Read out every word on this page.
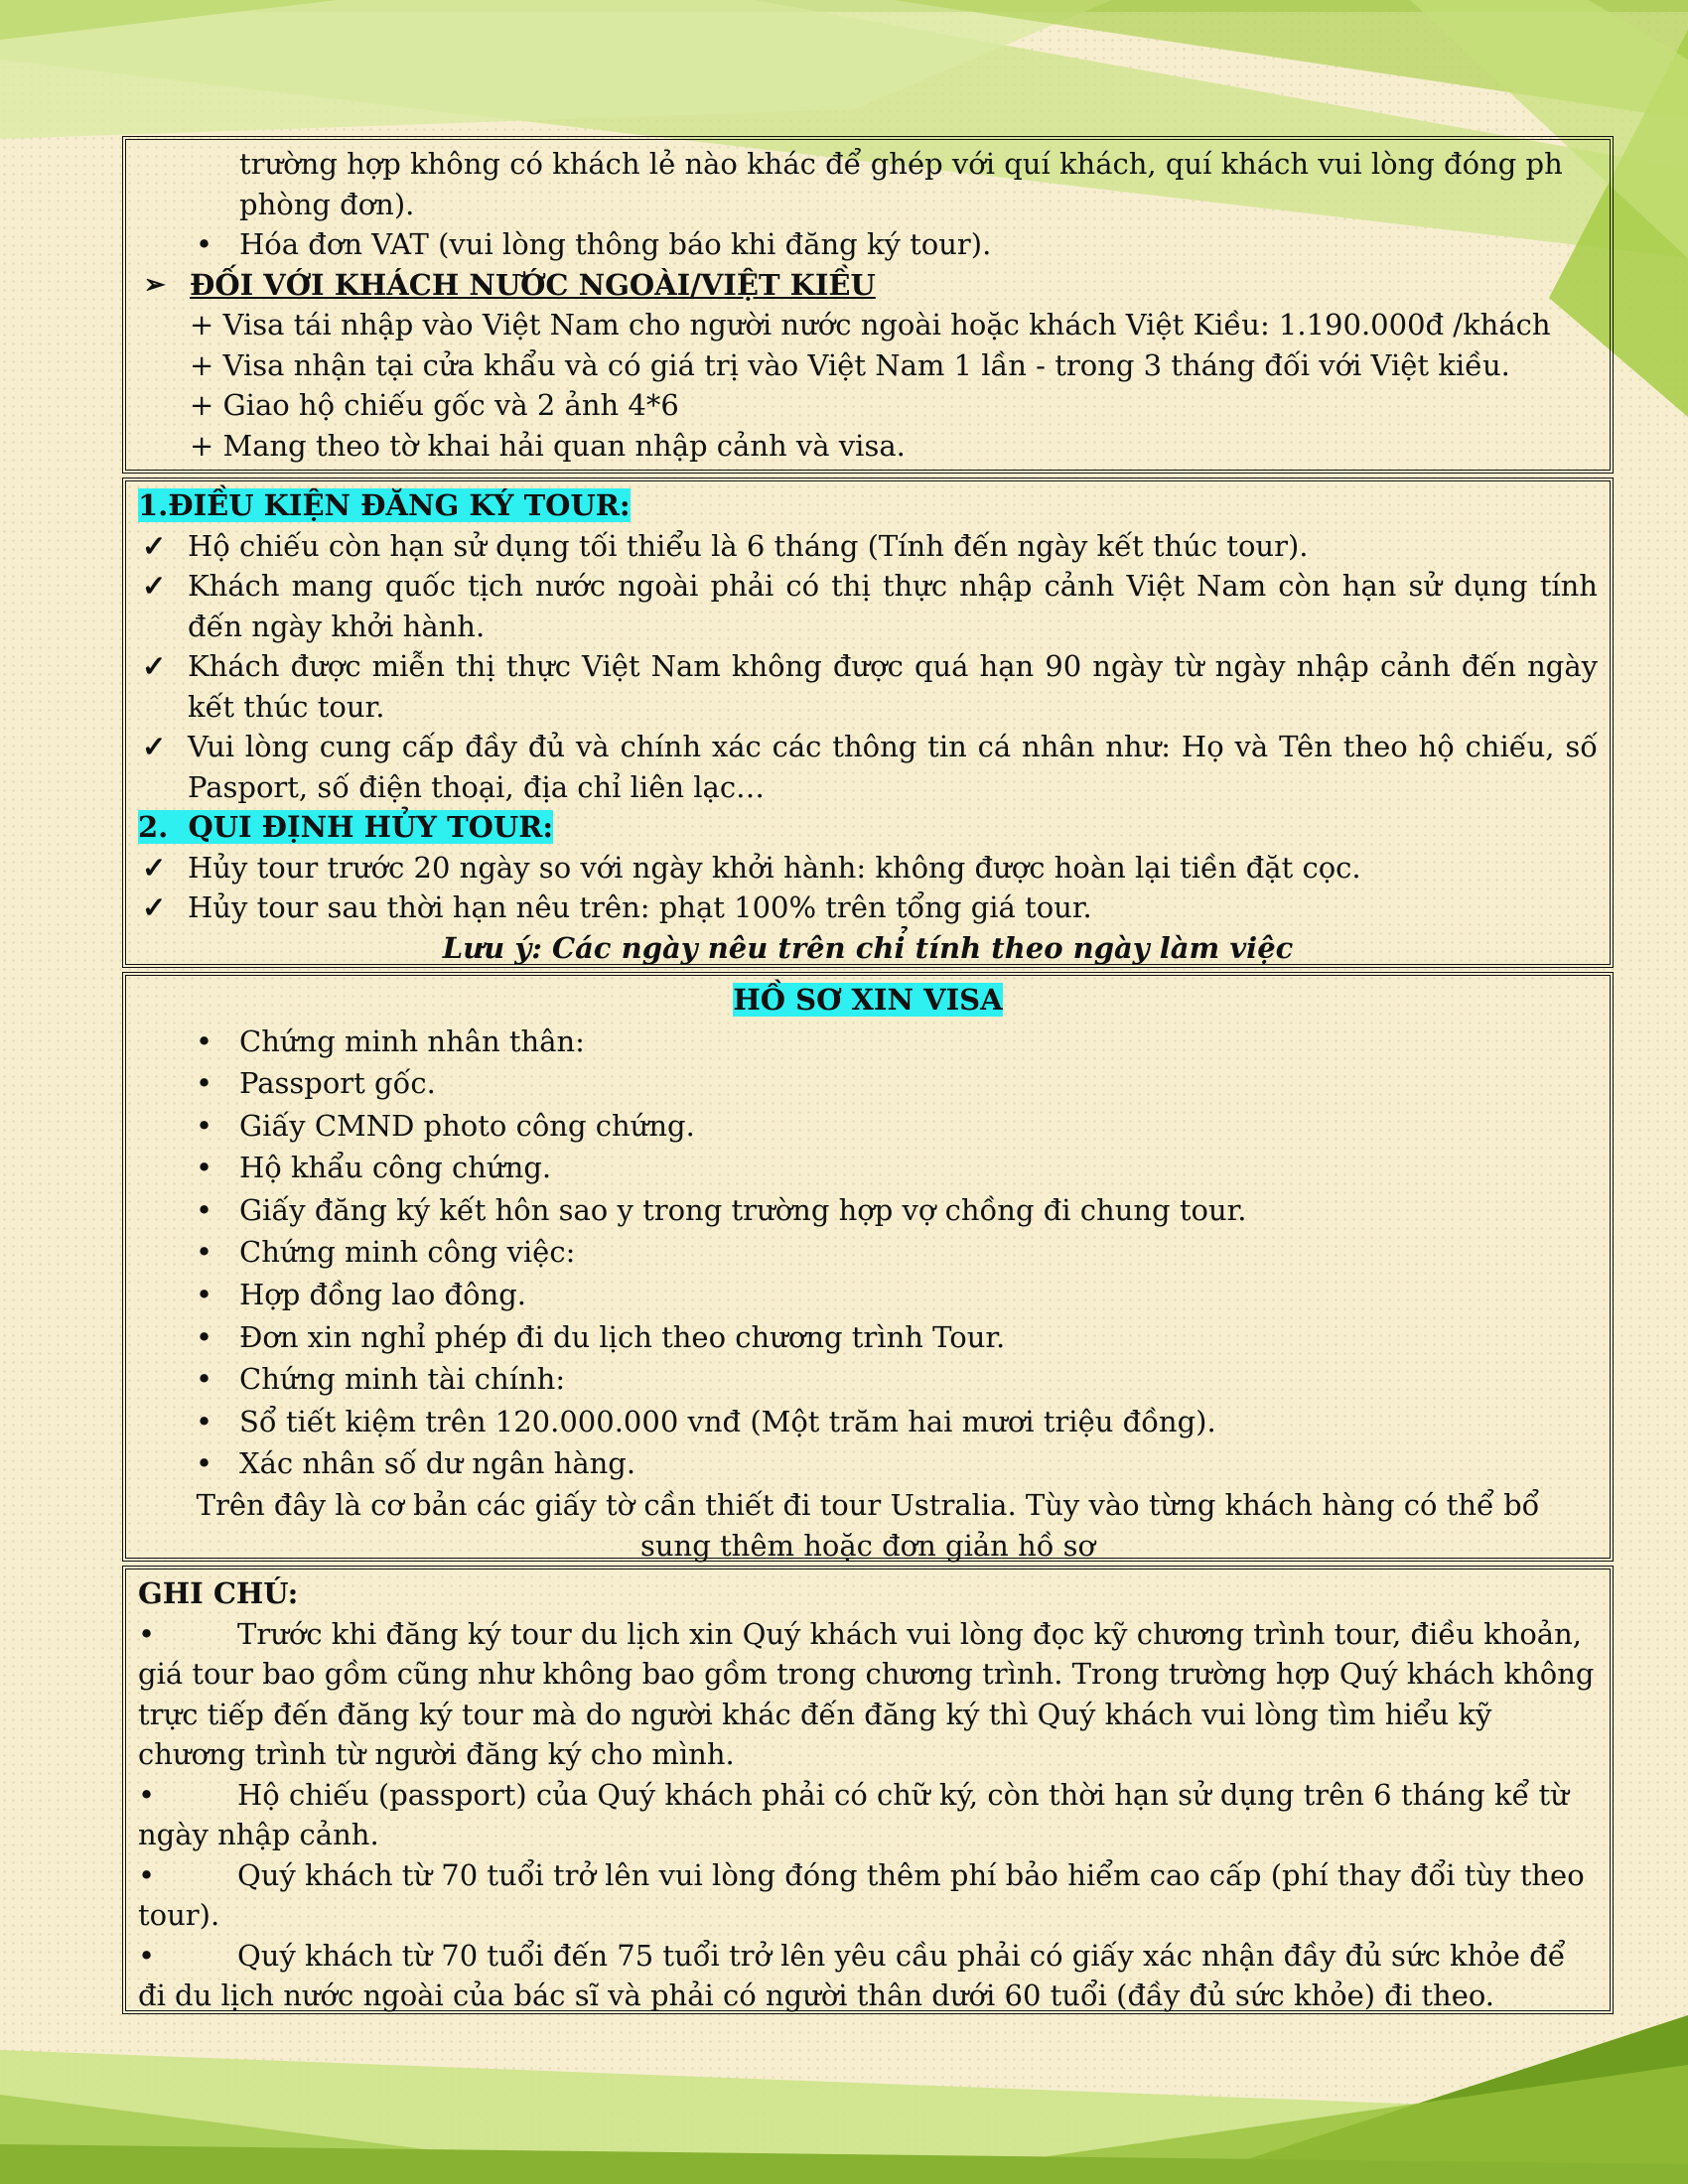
trường hợp không có khách lẻ nào khác để ghép với quí khách, quí khách vui lòng đóng ph

phòng đơn).

• Hóa đơn VAT (vui lòng thông báo khi đăng ký tour).

➢ ĐỐI VỚI KHÁCH NƯỚC NGOÀI/VIỆT KIỀU

+ Visa tái nhập vào Việt Nam cho người nước ngoài hoặc khách Việt Kiều: 1.190.000đ /khách

+ Visa nhận tại cửa khẩu và có giá trị vào Việt Nam 1 lần - trong 3 tháng đối với Việt kiều.

+ Giao hộ chiếu gốc và 2 ảnh 4*6

+ Mang theo tờ khai hải quan nhập cảnh và visa.

1.ĐIỀU KIỆN ĐĂNG KÝ TOUR:

✓ Hộ chiếu còn hạn sử dụng tối thiểu là 6 tháng (Tính đến ngày kết thúc tour).

✓ Khách mang quốc tịch nước ngoài phải có thị thực nhập cảnh Việt Nam còn hạn sử dụng tính đến ngày khởi hành.

✓ Khách được miễn thị thực Việt Nam không được quá hạn 90 ngày từ ngày nhập cảnh đến ngày kết thúc tour.

✓ Vui lòng cung cấp đầy đủ và chính xác các thông tin cá nhân như: Họ và Tên theo hộ chiếu, số Pasport, số điện thoại, địa chỉ liên lạc…

2.  QUI ĐỊNH HỦY TOUR:

✓ Hủy tour trước 20 ngày so với ngày khởi hành: không được hoàn lại tiền đặt cọc.

✓ Hủy tour sau thời hạn nêu trên: phạt 100% trên tổng giá tour.

Lưu ý: Các ngày nêu trên chỉ tính theo ngày làm việc

HỒ SƠ XIN VISA

• Chứng minh nhân thân:

• Passport gốc.

• Giấy CMND photo công chứng.

• Hộ khẩu công chứng.

• Giấy đăng ký kết hôn sao y trong trường hợp vợ chồng đi chung tour.

• Chứng minh công việc:

• Hợp đồng lao đông.

• Đơn xin nghỉ phép đi du lịch theo chương trình Tour.

• Chứng minh tài chính:

• Sổ tiết kiệm trên 120.000.000 vnđ (Một trăm hai mươi triệu đồng).

• Xác nhân số dư ngân hàng.

Trên đây là cơ bản các giấy tờ cần thiết đi tour Ustralia. Tùy vào từng khách hàng có thể bổ

sung thêm hoặc đơn giản hồ sơ

GHI CHÚ:

•	Trước khi đăng ký tour du lịch xin Quý khách vui lòng đọc kỹ chương trình tour, điều khoản, giá tour bao gồm cũng như không bao gồm trong chương trình. Trong trường hợp Quý khách không trực tiếp đến đăng ký tour mà do người khác đến đăng ký thì Quý khách vui lòng tìm hiểu kỹ chương trình từ người đăng ký cho mình.

•	Hộ chiếu (passport) của Quý khách phải có chữ ký, còn thời hạn sử dụng trên 6 tháng kể từ ngày nhập cảnh.

•	Quý khách từ 70 tuổi trở lên vui lòng đóng thêm phí bảo hiểm cao cấp (phí thay đổi tùy theo tour).

•	Quý khách từ 70 tuổi đến 75 tuổi trở lên yêu cầu phải có giấy xác nhận đầy đủ sức khỏe để đi du lịch nước ngoài của bác sĩ và phải có người thân dưới 60 tuổi (đầy đủ sức khỏe) đi theo.
